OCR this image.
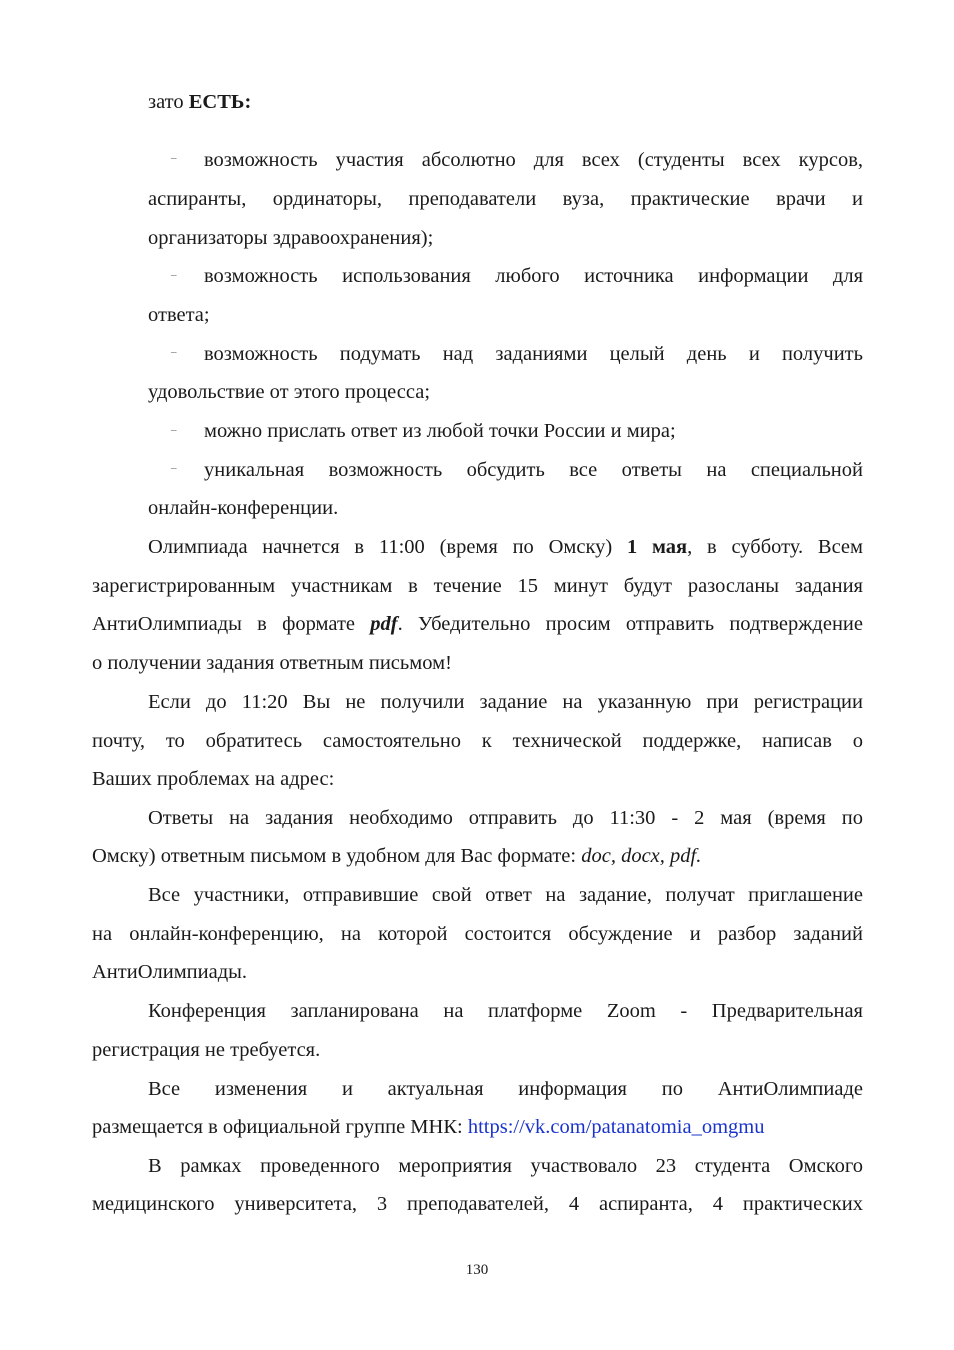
зато ЕСТЬ:
– возможность участия абсолютно для всех (студенты всех курсов,
аспиранты, ординаторы, преподаватели вуза, практические врачи и
организаторы здравоохранения);
– возможность использования любого источника информации для
ответа;
– возможность подумать над заданиями целый день и получить
удовольствие от этого процесса;
– можно прислать ответ из любой точки России и мира;
– уникальная возможность обсудить все ответы на специальной
онлайн-конференции.
Олимпиада начнется в 11:00 (время по Омску) 1 мая, в субботу. Всем
зарегистрированным участникам в течение 15 минут будут разосланы задания
АнтиОлимпиады в формате pdf. Убедительно просим отправить подтверждение
о получении задания ответным письмом!
Если до 11:20 Вы не получили задание на указанную при регистрации
почту, то обратитесь самостоятельно к технической поддержке, написав о
Ваших проблемах на адрес:
Ответы на задания необходимо отправить до 11:30 - 2 мая (время по
Омску) ответным письмом в удобном для Вас формате: doc, docx, pdf.
Все участники, отправившие свой ответ на задание, получат приглашение
на онлайн-конференцию, на которой состоится обсуждение и разбор заданий
АнтиОлимпиады.
Конференция запланирована на платформе Zoom - Предварительная
регистрация не требуется.
Все изменения и актуальная информация по АнтиОлимпиаде
размещается в официальной группе МНК: https://vk.com/patanatomia_omgmu
В рамках проведенного мероприятия участвовало 23 студента Омского
медицинского университета, 3 преподавателей, 4 аспиранта, 4 практических
130
